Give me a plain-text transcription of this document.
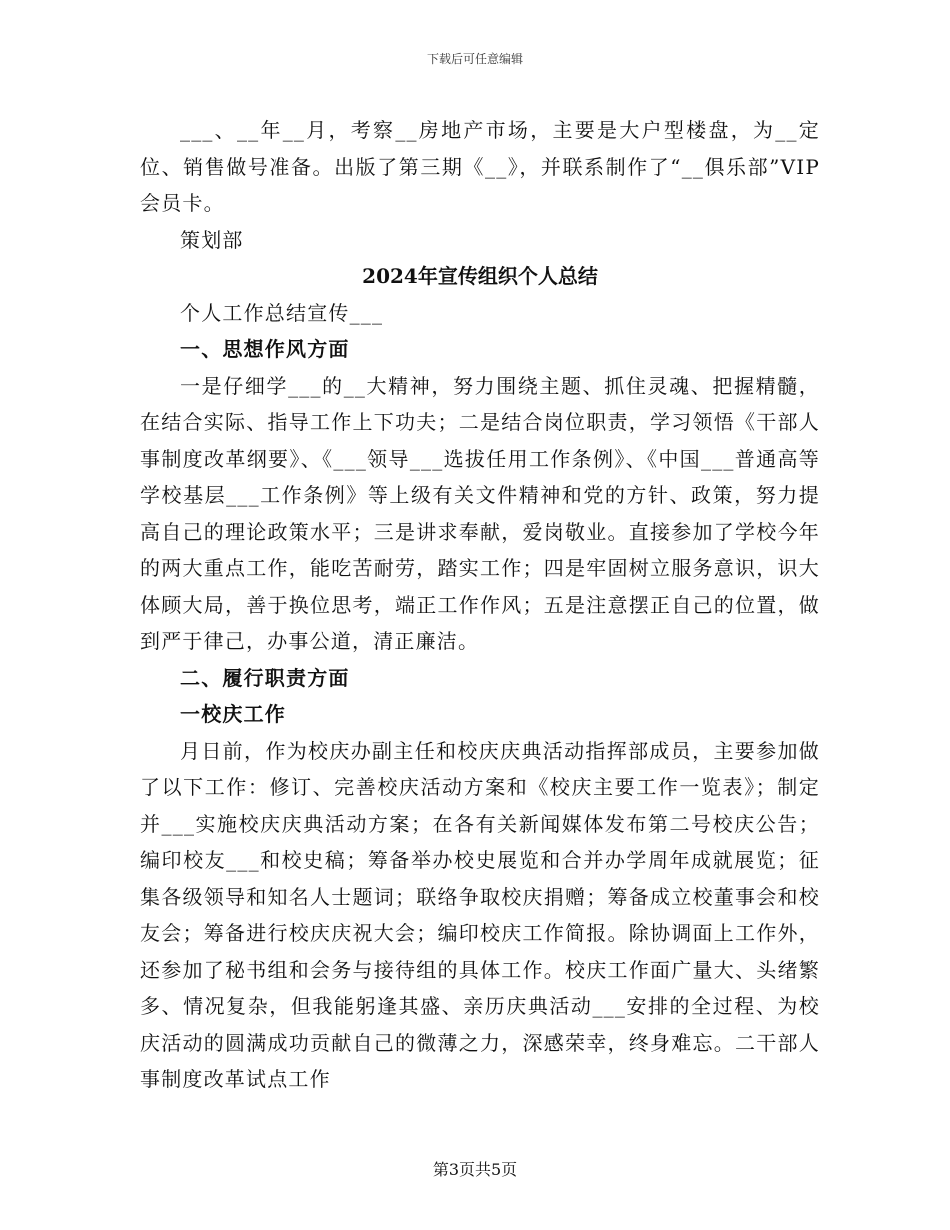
下载后可任意编辑

___、__年__月，考察__房地产市场，主要是大户型楼盘，为__定位、销售做号准备。出版了第三期《__》，并联系制作了“__俱乐部”VIP会员卡。

策划部

2024年宣传组织个人总结

个人工作总结宣传___

一、思想作风方面

一是仔细学___的__大精神，努力围绕主题、抓住灵魂、把握精髓，在结合实际、指导工作上下功夫；二是结合岗位职责，学习领悟《干部人事制度改革纲要》、《___领导___选拔任用工作条例》、《中国___普通高等学校基层___工作条例》等上级有关文件精神和党的方针、政策，努力提高自己的理论政策水平；三是讲求奉献，爱岗敬业。直接参加了学校今年的两大重点工作，能吃苦耐劳，踏实工作；四是牢固树立服务意识，识大体顾大局，善于换位思考，端正工作作风；五是注意摆正自己的位置，做到严于律己，办事公道，清正廉洁。

二、履行职责方面

一校庆工作

月日前，作为校庆办副主任和校庆庆典活动指挥部成员，主要参加做了以下工作：修订、完善校庆活动方案和《校庆主要工作一览表》；制定并___实施校庆庆典活动方案；在各有关新闻媒体发布第二号校庆公告；编印校友___和校史稿；筹备举办校史展览和合并办学周年成就展览；征集各级领导和知名人士题词；联络争取校庆捐赠；筹备成立校董事会和校友会；筹备进行校庆庆祝大会；编印校庆工作简报。除协调面上工作外，还参加了秘书组和会务与接待组的具体工作。校庆工作面广量大、头绪繁多、情况复杂，但我能躬逢其盛、亲历庆典活动___安排的全过程、为校庆活动的圆满成功贡献自己的微薄之力，深感荣幸，终身难忘。二干部人事制度改革试点工作

第3页共5页
